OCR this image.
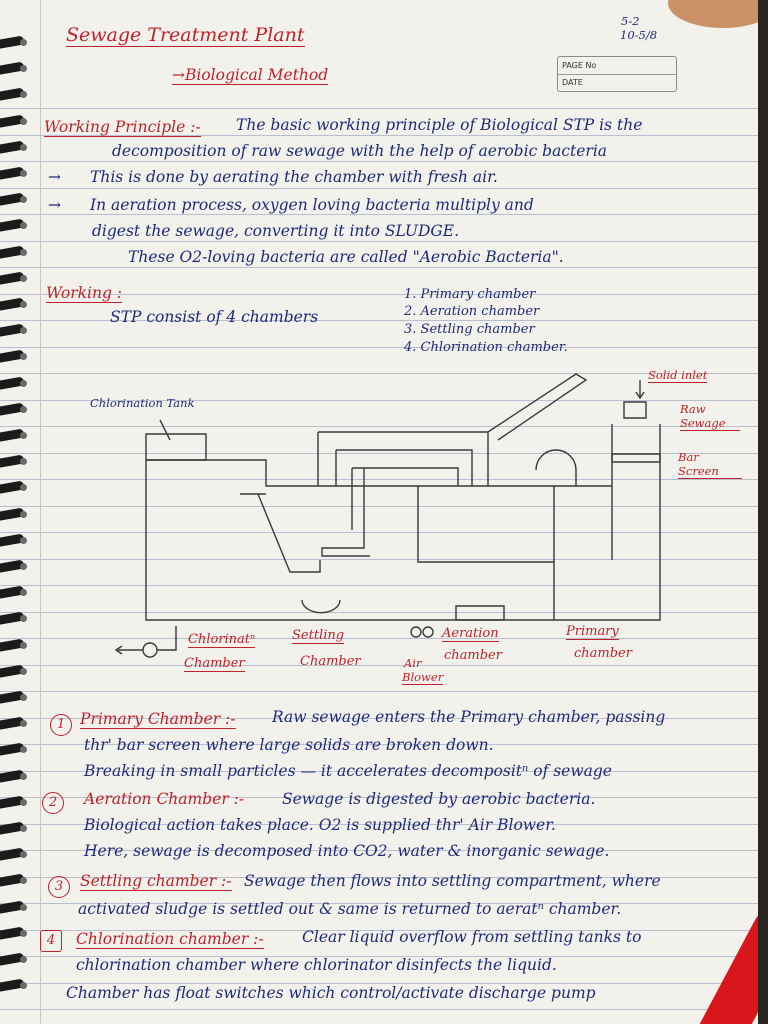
5-2
10-5/8
PAGE No
DATE
Sewage Treatment Plant
→Biological Method
Working Principle :- The basic working principle of Biological STP is the
decomposition of raw sewage with the help of aerobic bacteria
→ This is done by aerating the chamber with fresh air.
→ In aeration process, oxygen loving bacteria multiply and
digest the sewage, converting it into SLUDGE.
These O2-loving bacteria are called "Aerobic Bacteria".
Working :
STP consist of 4 chambers
1. Primary chamber
2. Aeration chamber
3. Settling chamber
4. Chlorination chamber.
Chlorination Tank
Solid inlet
Raw Sewage
Bar Screen
Chlorinatⁿ
Chamber
Settling
Chamber
Aeration
chamber
Primary
chamber
Air
Blower
1 Primary Chamber :- Raw sewage enters the Primary chamber, passing
thr' bar screen where large solids are broken down.
Breaking in small particles — it accelerates decompositⁿ of sewage
2	Aeration Chamber :- Sewage is digested by aerobic bacteria.
Biological action takes place. O2 is supplied thr' Air Blower.
Here, sewage is decomposed into CO2, water & inorganic sewage.
3	Settling chamber :- Sewage then flows into settling compartment, where
activated sludge is settled out & same is returned to aeratⁿ chamber.
4	Chlorination chamber :- Clear liquid overflow from settling tanks to
chlorination chamber where chlorinator disinfects the liquid.
Chamber has float switches which control/activate discharge pump
